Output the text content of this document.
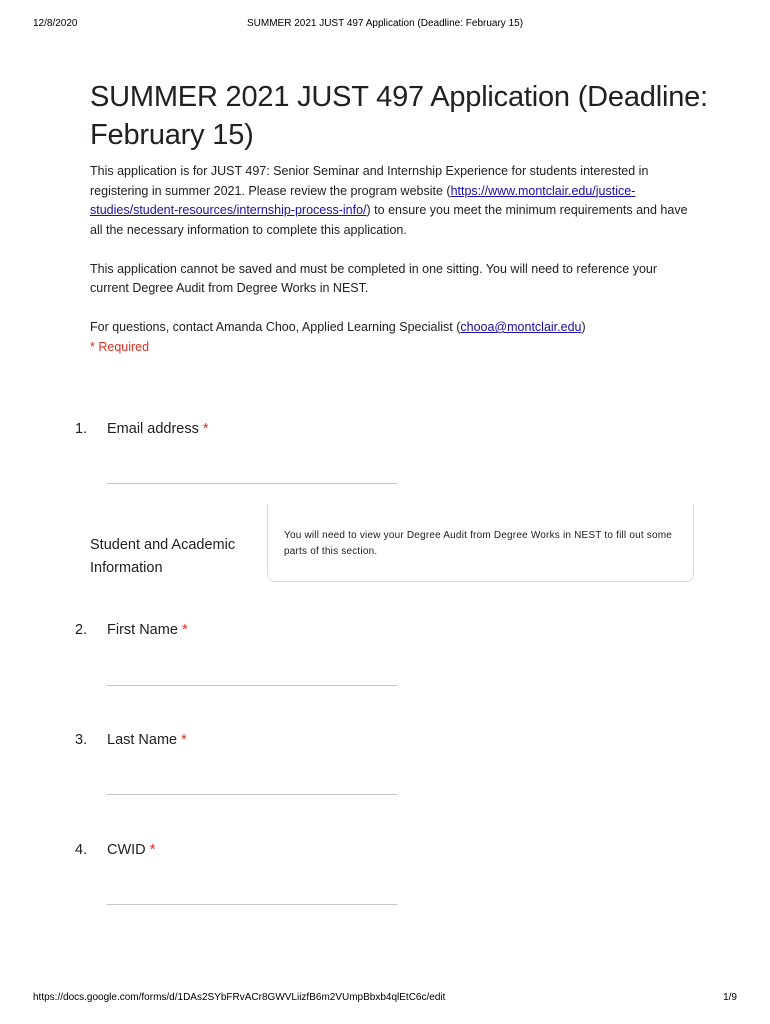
12/8/2020	SUMMER 2021 JUST 497 Application (Deadline: February 15)
SUMMER 2021 JUST 497 Application (Deadline: February 15)

This application is for JUST 497: Senior Seminar and Internship Experience for students interested in registering in summer 2021. Please review the program website (https://www.montclair.edu/justice-studies/student-resources/internship-process-info/) to ensure you meet the minimum requirements and have all the necessary information to complete this application.

This application cannot be saved and must be completed in one sitting. You will need to reference your current Degree Audit from Degree Works in NEST.

For questions, contact Amanda Choo, Applied Learning Specialist (chooa@montclair.edu)
* Required

1. Email address *
Student and Academic Information
You will need to view your Degree Audit from Degree Works in NEST to fill out some parts of this section.
2. First Name *
3. Last Name *
4. CWID *
https://docs.google.com/forms/d/1DAs2SYbFRvACr8GWVLiizfB6m2VUmpBbxb4qlEtC6c/edit	1/9
